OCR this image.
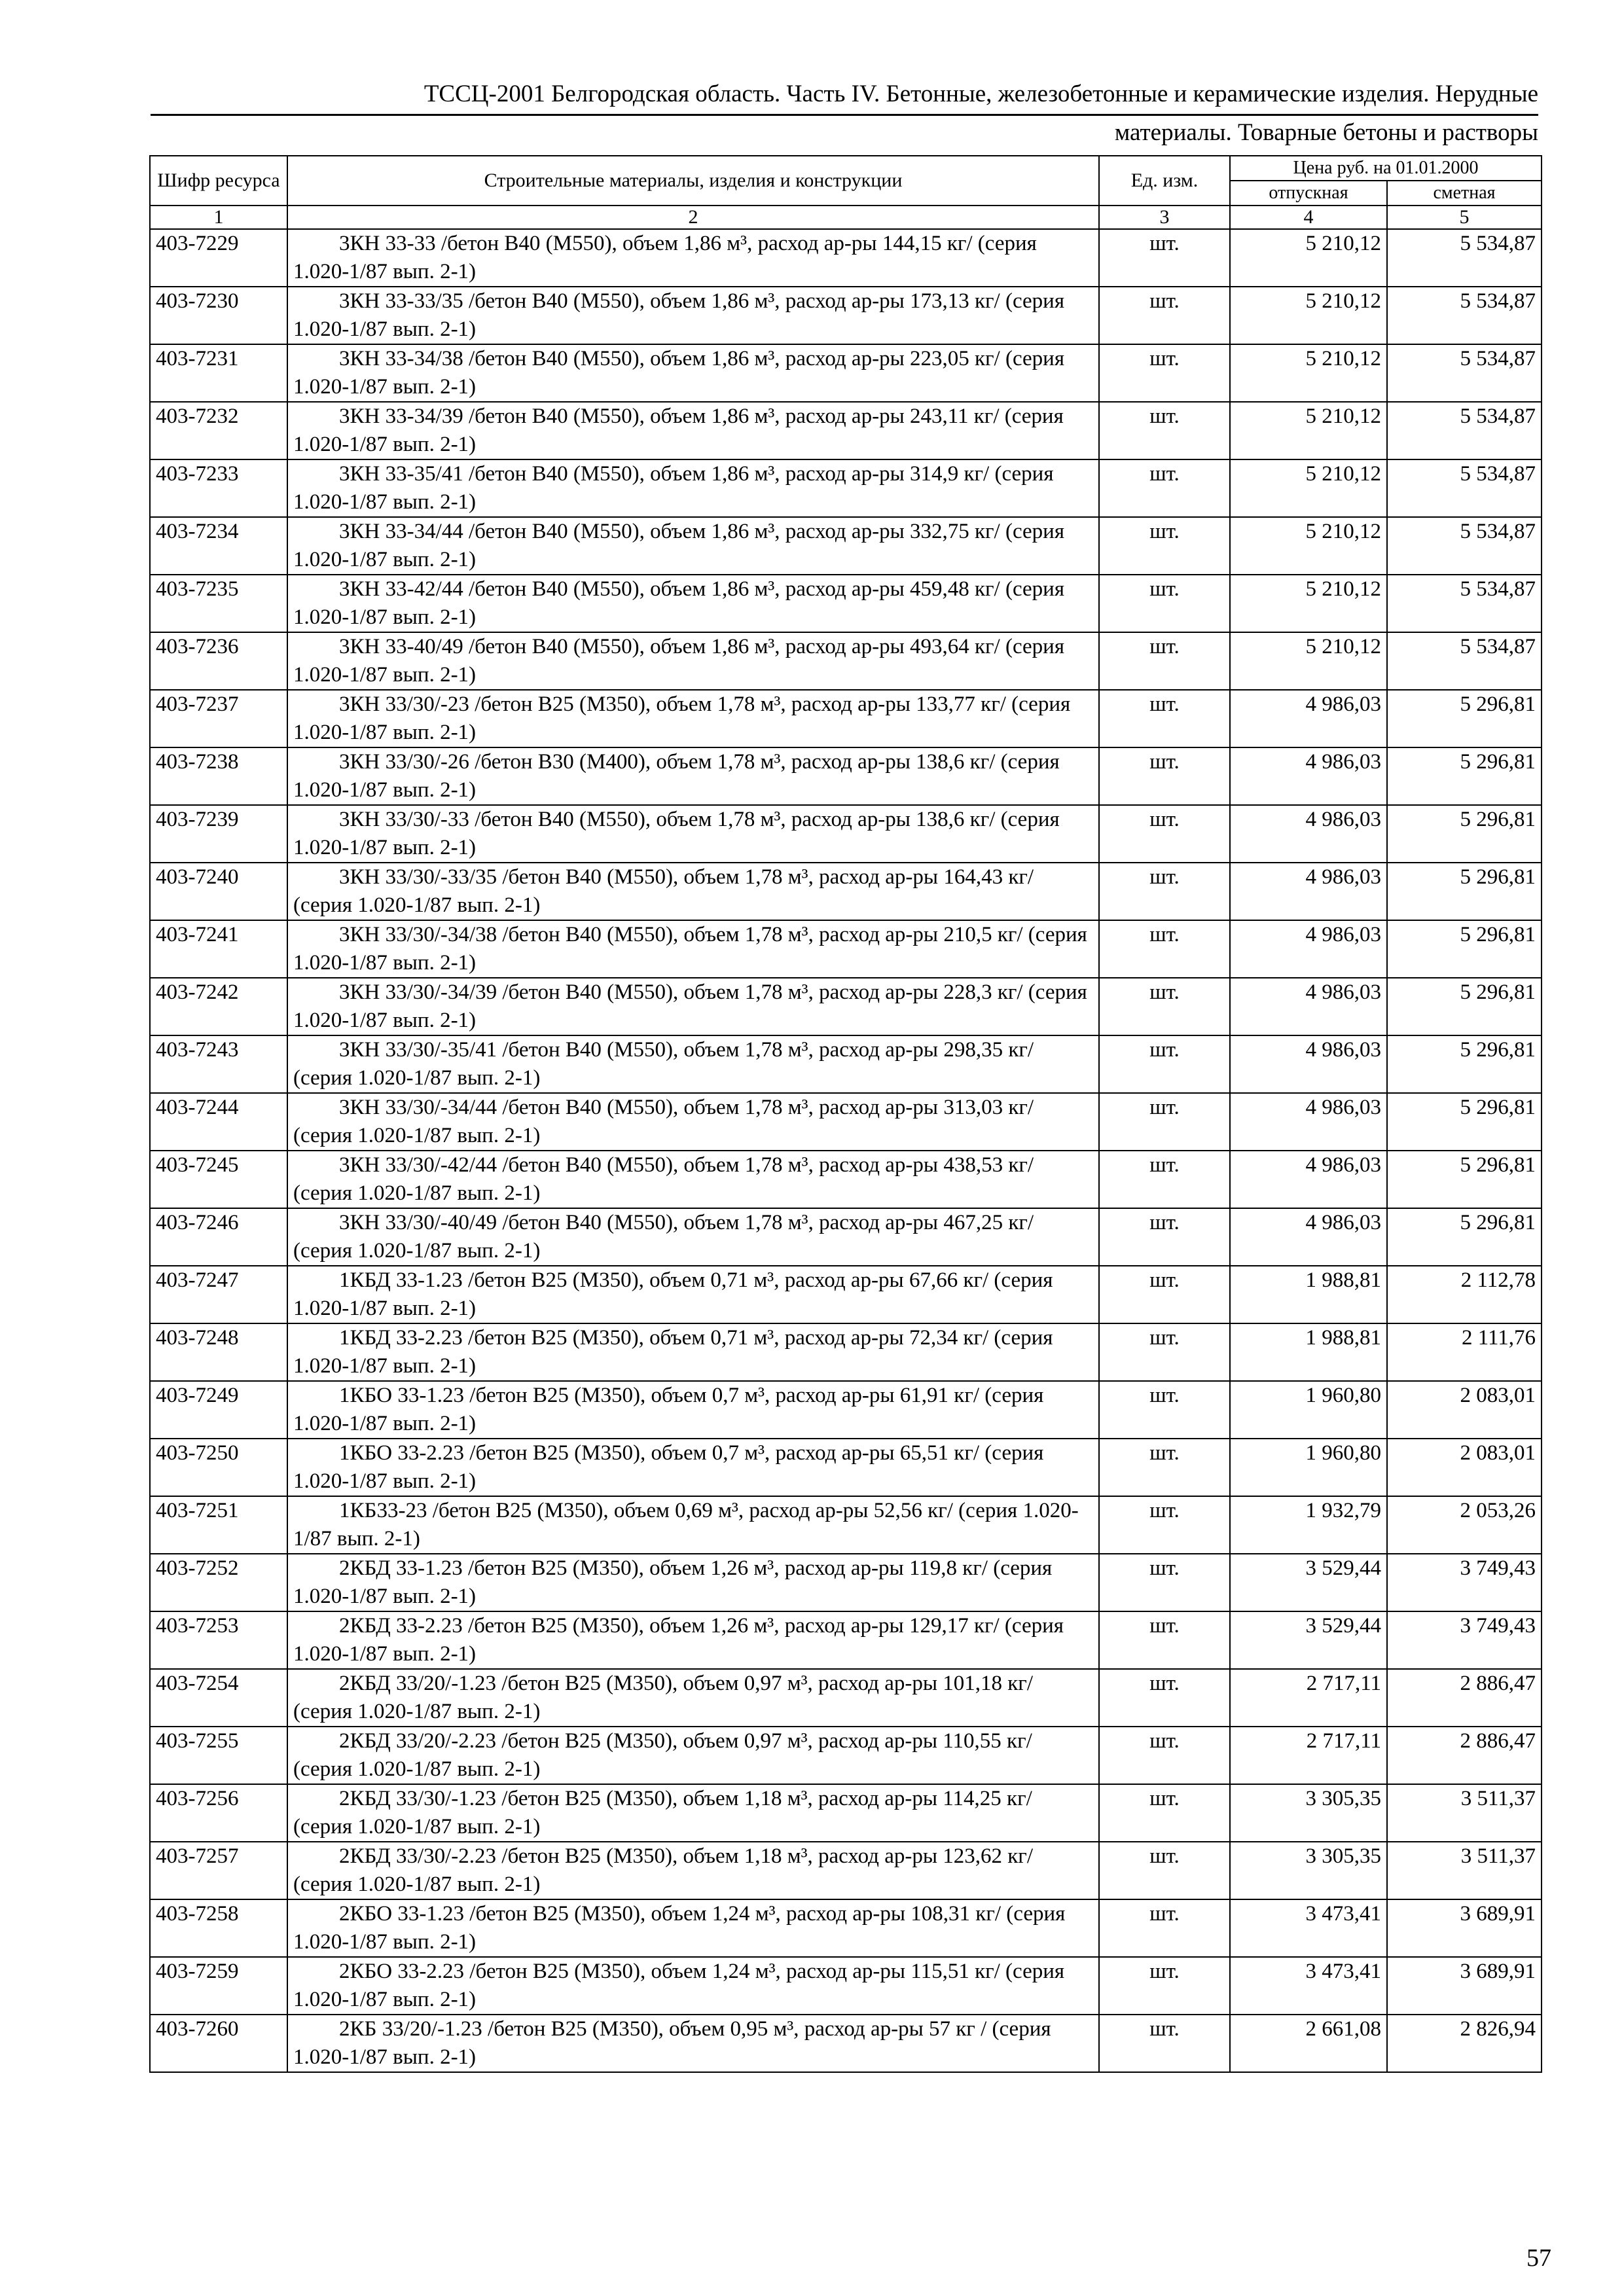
ТССЦ-2001 Белгородская область. Часть IV. Бетонные, железобетонные и керамические изделия. Нерудные
материалы. Товарные бетоны и растворы
Шифр ресурса	Строительные материалы, изделия и конструкции	Ед. изм.	Цена руб. на 01.01.2000	
			отпускная	сметная
1	2	3	4	5
403-7229	3КН 33-33 /бетон В40 (М550), объем 1,86 м³, расход ар-ры 144,15 кг/ (серия 1.020-1/87 вып. 2-1)	шт.	5 210,12	5 534,87
403-7230	3КН 33-33/35 /бетон В40 (М550), объем 1,86 м³, расход ар-ры 173,13 кг/ (серия 1.020-1/87 вып. 2-1)	шт.	5 210,12	5 534,87
403-7231	3КН 33-34/38 /бетон В40 (М550), объем 1,86 м³, расход ар-ры 223,05 кг/ (серия 1.020-1/87 вып. 2-1)	шт.	5 210,12	5 534,87
403-7232	3КН 33-34/39 /бетон В40 (М550), объем 1,86 м³, расход ар-ры 243,11 кг/ (серия 1.020-1/87 вып. 2-1)	шт.	5 210,12	5 534,87
403-7233	3КН 33-35/41 /бетон В40 (М550), объем 1,86 м³, расход ар-ры 314,9 кг/ (серия 1.020-1/87 вып. 2-1)	шт.	5 210,12	5 534,87
403-7234	3КН 33-34/44 /бетон В40 (М550), объем 1,86 м³, расход ар-ры 332,75 кг/ (серия 1.020-1/87 вып. 2-1)	шт.	5 210,12	5 534,87
403-7235	3КН 33-42/44 /бетон В40 (М550), объем 1,86 м³, расход ар-ры 459,48 кг/ (серия 1.020-1/87 вып. 2-1)	шт.	5 210,12	5 534,87
403-7236	3КН 33-40/49 /бетон В40 (М550), объем 1,86 м³, расход ар-ры 493,64 кг/ (серия 1.020-1/87 вып. 2-1)	шт.	5 210,12	5 534,87
403-7237	3КН 33/30/-23 /бетон В25 (М350), объем 1,78 м³, расход ар-ры 133,77 кг/ (серия 1.020-1/87 вып. 2-1)	шт.	4 986,03	5 296,81
403-7238	3КН 33/30/-26 /бетон В30 (М400), объем 1,78 м³, расход ар-ры 138,6 кг/ (серия 1.020-1/87 вып. 2-1)	шт.	4 986,03	5 296,81
403-7239	3КН 33/30/-33 /бетон В40 (М550), объем 1,78 м³, расход ар-ры 138,6 кг/ (серия 1.020-1/87 вып. 2-1)	шт.	4 986,03	5 296,81
403-7240	3КН 33/30/-33/35 /бетон В40 (М550), объем 1,78 м³, расход ар-ры 164,43 кг/ (серия 1.020-1/87 вып. 2-1)	шт.	4 986,03	5 296,81
403-7241	3КН 33/30/-34/38 /бетон В40 (М550), объем 1,78 м³, расход ар-ры 210,5 кг/ (серия 1.020-1/87 вып. 2-1)	шт.	4 986,03	5 296,81
403-7242	3КН 33/30/-34/39 /бетон В40 (М550), объем 1,78 м³, расход ар-ры 228,3 кг/ (серия 1.020-1/87 вып. 2-1)	шт.	4 986,03	5 296,81
403-7243	3КН 33/30/-35/41 /бетон В40 (М550), объем 1,78 м³, расход ар-ры 298,35 кг/ (серия 1.020-1/87 вып. 2-1)	шт.	4 986,03	5 296,81
403-7244	3КН 33/30/-34/44 /бетон В40 (М550), объем 1,78 м³, расход ар-ры 313,03 кг/ (серия 1.020-1/87 вып. 2-1)	шт.	4 986,03	5 296,81
403-7245	3КН 33/30/-42/44 /бетон В40 (М550), объем 1,78 м³, расход ар-ры 438,53 кг/ (серия 1.020-1/87 вып. 2-1)	шт.	4 986,03	5 296,81
403-7246	3КН 33/30/-40/49 /бетон В40 (М550), объем 1,78 м³, расход ар-ры 467,25 кг/ (серия 1.020-1/87 вып. 2-1)	шт.	4 986,03	5 296,81
403-7247	1КБД 33-1.23 /бетон В25 (М350), объем 0,71 м³, расход ар-ры 67,66 кг/ (серия 1.020-1/87 вып. 2-1)	шт.	1 988,81	2 112,78
403-7248	1КБД 33-2.23 /бетон В25 (М350), объем 0,71 м³, расход ар-ры 72,34 кг/ (серия 1.020-1/87 вып. 2-1)	шт.	1 988,81	2 111,76
403-7249	1КБО 33-1.23 /бетон В25 (М350), объем 0,7 м³, расход ар-ры 61,91 кг/ (серия 1.020-1/87 вып. 2-1)	шт.	1 960,80	2 083,01
403-7250	1КБО 33-2.23 /бетон В25 (М350), объем 0,7 м³, расход ар-ры 65,51 кг/ (серия 1.020-1/87 вып. 2-1)	шт.	1 960,80	2 083,01
403-7251	1КБ33-23 /бетон В25 (М350), объем 0,69 м³, расход ар-ры 52,56 кг/ (серия 1.020-1/87 вып. 2-1)	шт.	1 932,79	2 053,26
403-7252	2КБД 33-1.23 /бетон В25 (М350), объем 1,26 м³, расход ар-ры 119,8 кг/ (серия 1.020-1/87 вып. 2-1)	шт.	3 529,44	3 749,43
403-7253	2КБД 33-2.23 /бетон В25 (М350), объем 1,26 м³, расход ар-ры 129,17 кг/ (серия 1.020-1/87 вып. 2-1)	шт.	3 529,44	3 749,43
403-7254	2КБД 33/20/-1.23 /бетон В25 (М350), объем 0,97 м³, расход ар-ры 101,18 кг/ (серия 1.020-1/87 вып. 2-1)	шт.	2 717,11	2 886,47
403-7255	2КБД 33/20/-2.23 /бетон В25 (М350), объем 0,97 м³, расход ар-ры 110,55 кг/ (серия 1.020-1/87 вып. 2-1)	шт.	2 717,11	2 886,47
403-7256	2КБД 33/30/-1.23 /бетон В25 (М350), объем 1,18 м³, расход ар-ры 114,25 кг/ (серия 1.020-1/87 вып. 2-1)	шт.	3 305,35	3 511,37
403-7257	2КБД 33/30/-2.23 /бетон В25 (М350), объем 1,18 м³, расход ар-ры 123,62 кг/ (серия 1.020-1/87 вып. 2-1)	шт.	3 305,35	3 511,37
403-7258	2КБО 33-1.23 /бетон В25 (М350), объем 1,24 м³, расход ар-ры 108,31 кг/ (серия 1.020-1/87 вып. 2-1)	шт.	3 473,41	3 689,91
403-7259	2КБО 33-2.23 /бетон В25 (М350), объем 1,24 м³, расход ар-ры 115,51 кг/ (серия 1.020-1/87 вып. 2-1)	шт.	3 473,41	3 689,91
403-7260	2КБ 33/20/-1.23 /бетон В25 (М350), объем 0,95 м³, расход ар-ры 57 кг / (серия 1.020-1/87 вып. 2-1)	шт.	2 661,08	2 826,94
57
